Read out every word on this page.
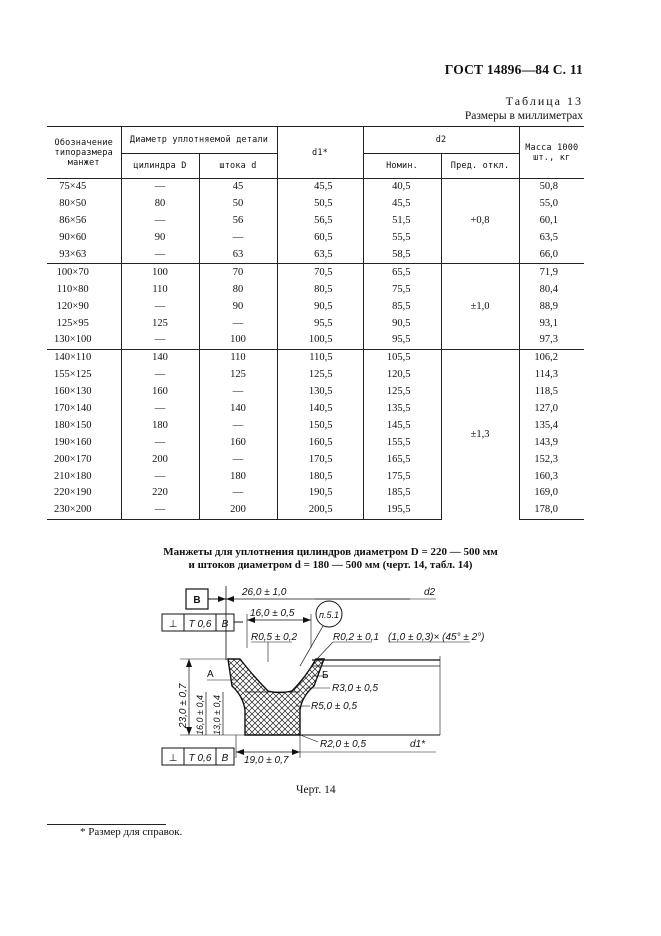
ГОСТ 14896—84 С. 11
Таблица 13
Размеры в миллиметрах
Обозначение типоразмера манжет	Диаметр уплотняемой детали		d1*	d2		Масса 1000 шт., кг
	цилиндра D	штока d		Номин.	Пред. откл.	
75×45	—	45	45,5	40,5	+0,8	50,8
80×50	80	50	50,5	45,5		55,0
86×56	—	56	56,5	51,5		60,1
90×60	90	—	60,5	55,5		63,5
93×63	—	63	63,5	58,5		66,0
100×70	100	70	70,5	65,5	±1,0	71,9
110×80	110	80	80,5	75,5		80,4
120×90	—	90	90,5	85,5		88,9
125×95	125	—	95,5	90,5		93,1
130×100	—	100	100,5	95,5		97,3
140×110	140	110	110,5	105,5	±1,3	106,2
155×125	—	125	125,5	120,5		114,3
160×130	160	—	130,5	125,5		118,5
170×140	—	140	140,5	135,5		127,0
180×150	180	—	150,5	145,5		135,4
190×160	—	160	160,5	155,5		143,9
200×170	200	—	170,5	165,5		152,3
210×180	—	180	180,5	175,5		160,3
220×190	220	—	190,5	185,5		169,0
230×200	—	200	200,5	195,5		178,0
Манжеты для уплотнения цилиндров диаметром D = 220 — 500 мм
и штоков диаметром d = 180 — 500 мм (черт. 14, табл. 14)
В
⊥ Т 0,6 В
26,0 ± 1,0	d2
16,0 ± 0,5	п.5.1
R0,5 ± 0,2	R0,2 ± 0,1 (1,0 ± 0,3)× (45° ± 2°)
А	Б
R3,0 ± 0,5
R5,0 ± 0,5
R2,0 ± 0,5
23,0 ± 0,7 16,0 ± 0,4 13,0 ± 0,4
⊥ Т 0,6 В 19,0 ± 0,7
d1*
Черт. 14
* Размер для справок.
